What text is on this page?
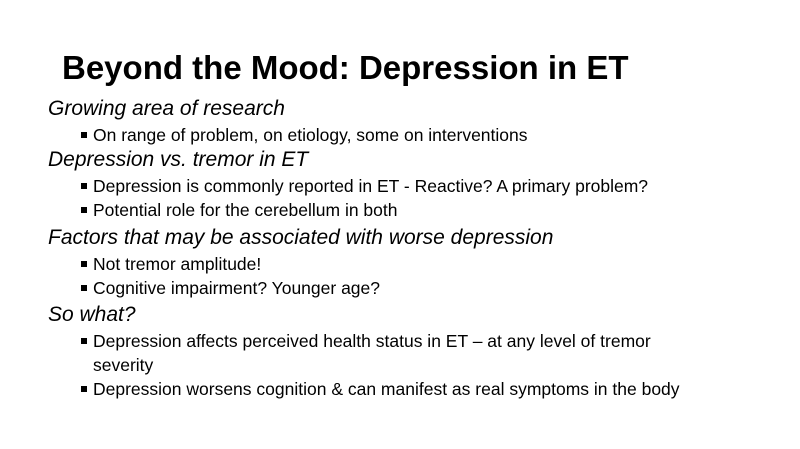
Beyond the Mood: Depression in ET
Growing area of research
On range of problem, on etiology, some on interventions
Depression vs. tremor in ET
Depression is commonly reported in ET - Reactive? A primary problem?
Potential role for the cerebellum in both
Factors that may be associated with worse depression
Not tremor amplitude!
Cognitive impairment? Younger age?
So what?
Depression affects perceived health status in ET – at any level of tremor severity
Depression worsens cognition & can manifest as real symptoms in the body
